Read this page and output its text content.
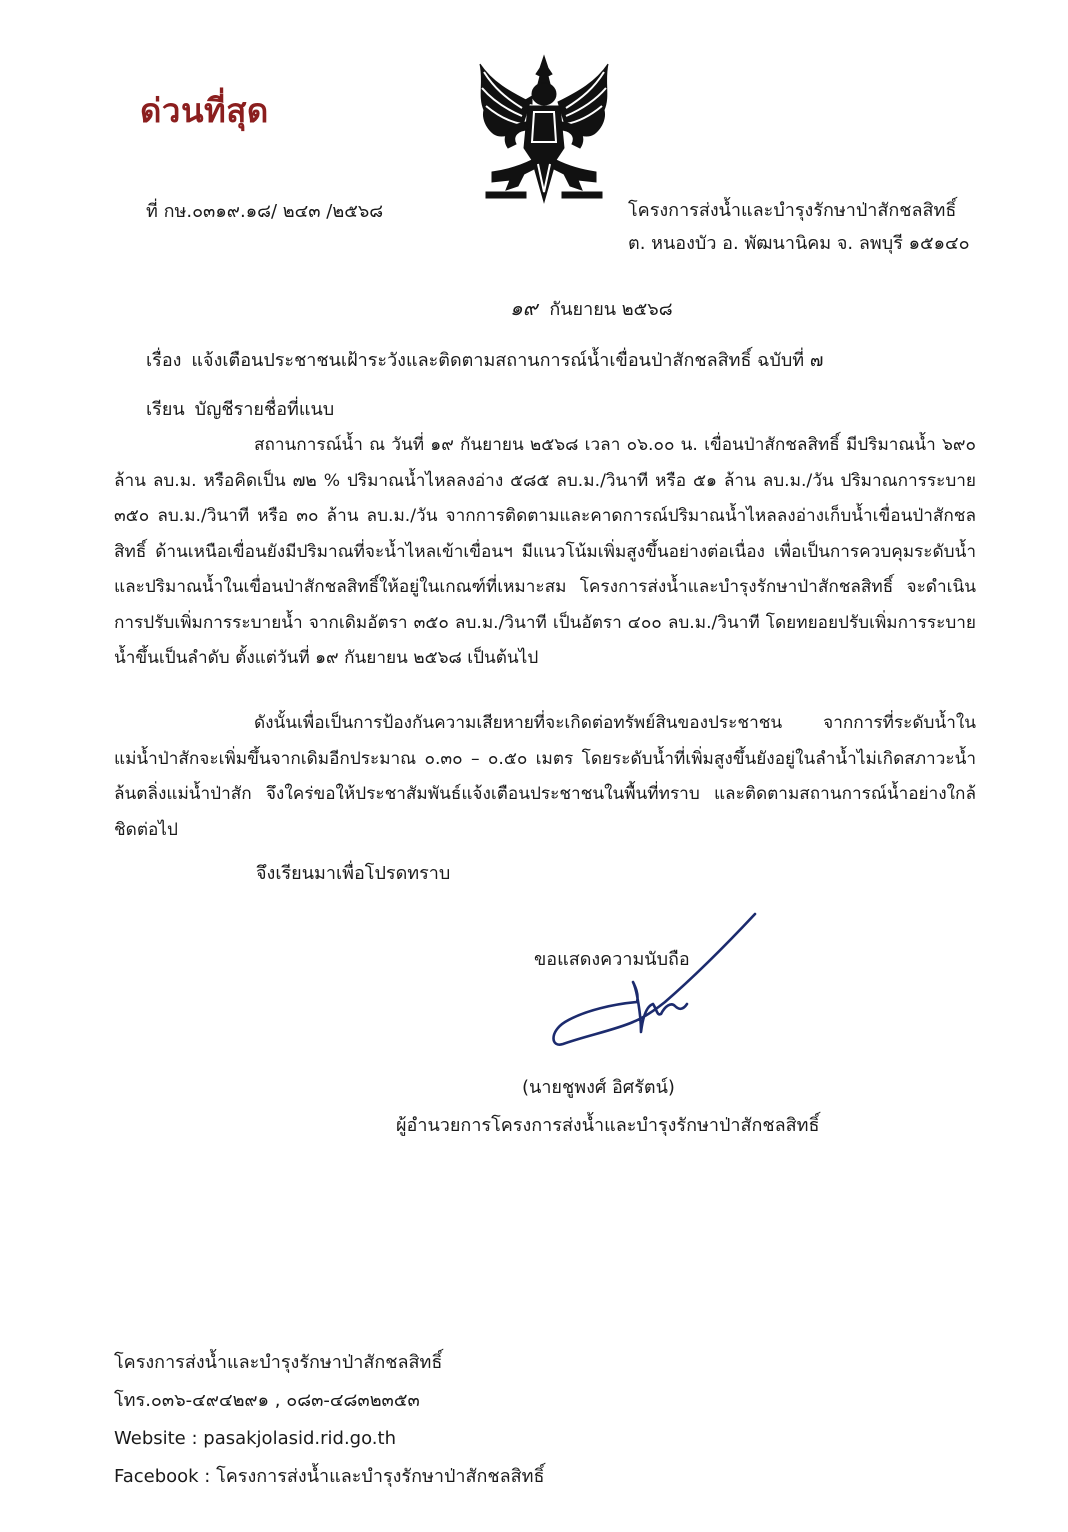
ด่วนที่สุด
ที่ กษ.๐๓๑๙.๑๘/ ๒๔๓ /๒๕๖๘	โครงการส่งน้ำและบำรุงรักษาป่าสักชลสิทธิ์
ต. หนองบัว อ. พัฒนานิคม จ. ลพบุรี ๑๕๑๔๐
๑๙ กันยายน ๒๕๖๘
เรื่อง แจ้งเตือนประชาชนเฝ้าระวังและติดตามสถานการณ์น้ำเขื่อนป่าสักชลสิทธิ์ ฉบับที่ ๗
เรียน บัญชีรายชื่อที่แนบ
สถานการณ์น้ำ ณ วันที่ ๑๙ กันยายน ๒๕๖๘ เวลา ๐๖.๐๐ น. เขื่อนป่าสักชลสิทธิ์ มีปริมาณน้ำ ๖๙๐ ล้าน ลบ.ม. หรือคิดเป็น ๗๒ % ปริมาณน้ำไหลลงอ่าง ๕๘๕ ลบ.ม./วินาที หรือ ๕๑ ล้าน ลบ.ม./วัน ปริมาณการระบาย ๓๕๐ ลบ.ม./วินาที หรือ ๓๐ ล้าน ลบ.ม./วัน จากการติดตามและคาดการณ์ปริมาณน้ำไหลลงอ่างเก็บน้ำเขื่อนป่าสักชลสิทธิ์ ด้านเหนือเขื่อนยังมีปริมาณที่จะน้ำไหลเข้าเขื่อนฯ มีแนวโน้มเพิ่มสูงขึ้นอย่างต่อเนื่อง เพื่อเป็นการควบคุมระดับน้ำและปริมาณน้ำในเขื่อนป่าสักชลสิทธิ์ให้อยู่ในเกณฑ์ที่เหมาะสม โครงการส่งน้ำและบำรุงรักษาป่าสักชลสิทธิ์ จะดำเนินการปรับเพิ่มการระบายน้ำ จากเดิมอัตรา ๓๕๐ ลบ.ม./วินาที เป็นอัตรา ๔๐๐ ลบ.ม./วินาที โดยทยอยปรับเพิ่มการระบายน้ำขึ้นเป็นลำดับ ตั้งแต่วันที่ ๑๙ กันยายน ๒๕๖๘ เป็นต้นไป
ดังนั้นเพื่อเป็นการป้องกันความเสียหายที่จะเกิดต่อทรัพย์สินของประชาชน จากการที่ระดับน้ำในแม่น้ำป่าสักจะเพิ่มขึ้นจากเดิมอีกประมาณ ๐.๓๐ – ๐.๕๐ เมตร โดยระดับน้ำที่เพิ่มสูงขึ้นยังอยู่ในลำน้ำไม่เกิดสภาวะน้ำล้นตลิ่งแม่น้ำป่าสัก จึงใคร่ขอให้ประชาสัมพันธ์แจ้งเตือนประชาชนในพื้นที่ทราบ และติดตามสถานการณ์น้ำอย่างใกล้ชิดต่อไป
จึงเรียนมาเพื่อโปรดทราบ
ขอแสดงความนับถือ
(นายชูพงศ์ อิศรัตน์)
ผู้อำนวยการโครงการส่งน้ำและบำรุงรักษาป่าสักชลสิทธิ์
โครงการส่งน้ำและบำรุงรักษาป่าสักชลสิทธิ์
โทร.๐๓๖-๔๙๔๒๙๑ , ๐๘๓-๔๘๓๒๓๕๓
Website : pasakjolasid.rid.go.th
Facebook : โครงการส่งน้ำและบำรุงรักษาป่าสักชลสิทธิ์
